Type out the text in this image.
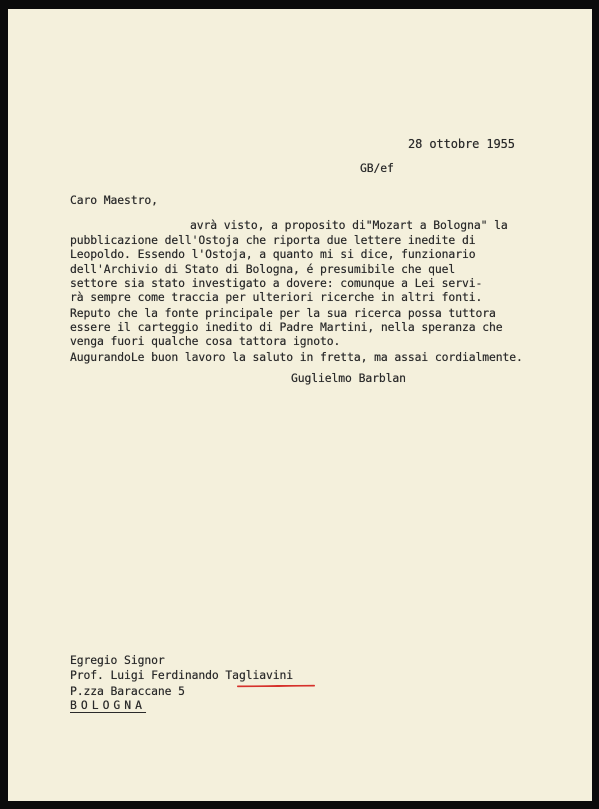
28 ottobre 1955
GB/ef
Caro Maestro,
avrà visto, a proposito di"Mozart a Bologna" la
pubblicazione dell'Ostoja che riporta due lettere inedite di
Leopoldo. Essendo l'Ostoja, a quanto mi si dice, funzionario
dell'Archivio di Stato di Bologna, é presumibile che quel
settore sia stato investigato a dovere: comunque a Lei servi-
rà sempre come traccia per ulteriori ricerche in altri fonti.
Reputo che la fonte principale per la sua ricerca possa tuttora
essere il carteggio inedito di Padre Martini, nella speranza che
venga fuori qualche cosa tattora ignoto.
AugurandoLe buon lavoro la saluto in fretta, ma assai cordialmente.
Guglielmo Barblan
Egregio Signor
Prof. Luigi Ferdinando Tagliavini
P.zza Baraccane 5
BOLOGNA
